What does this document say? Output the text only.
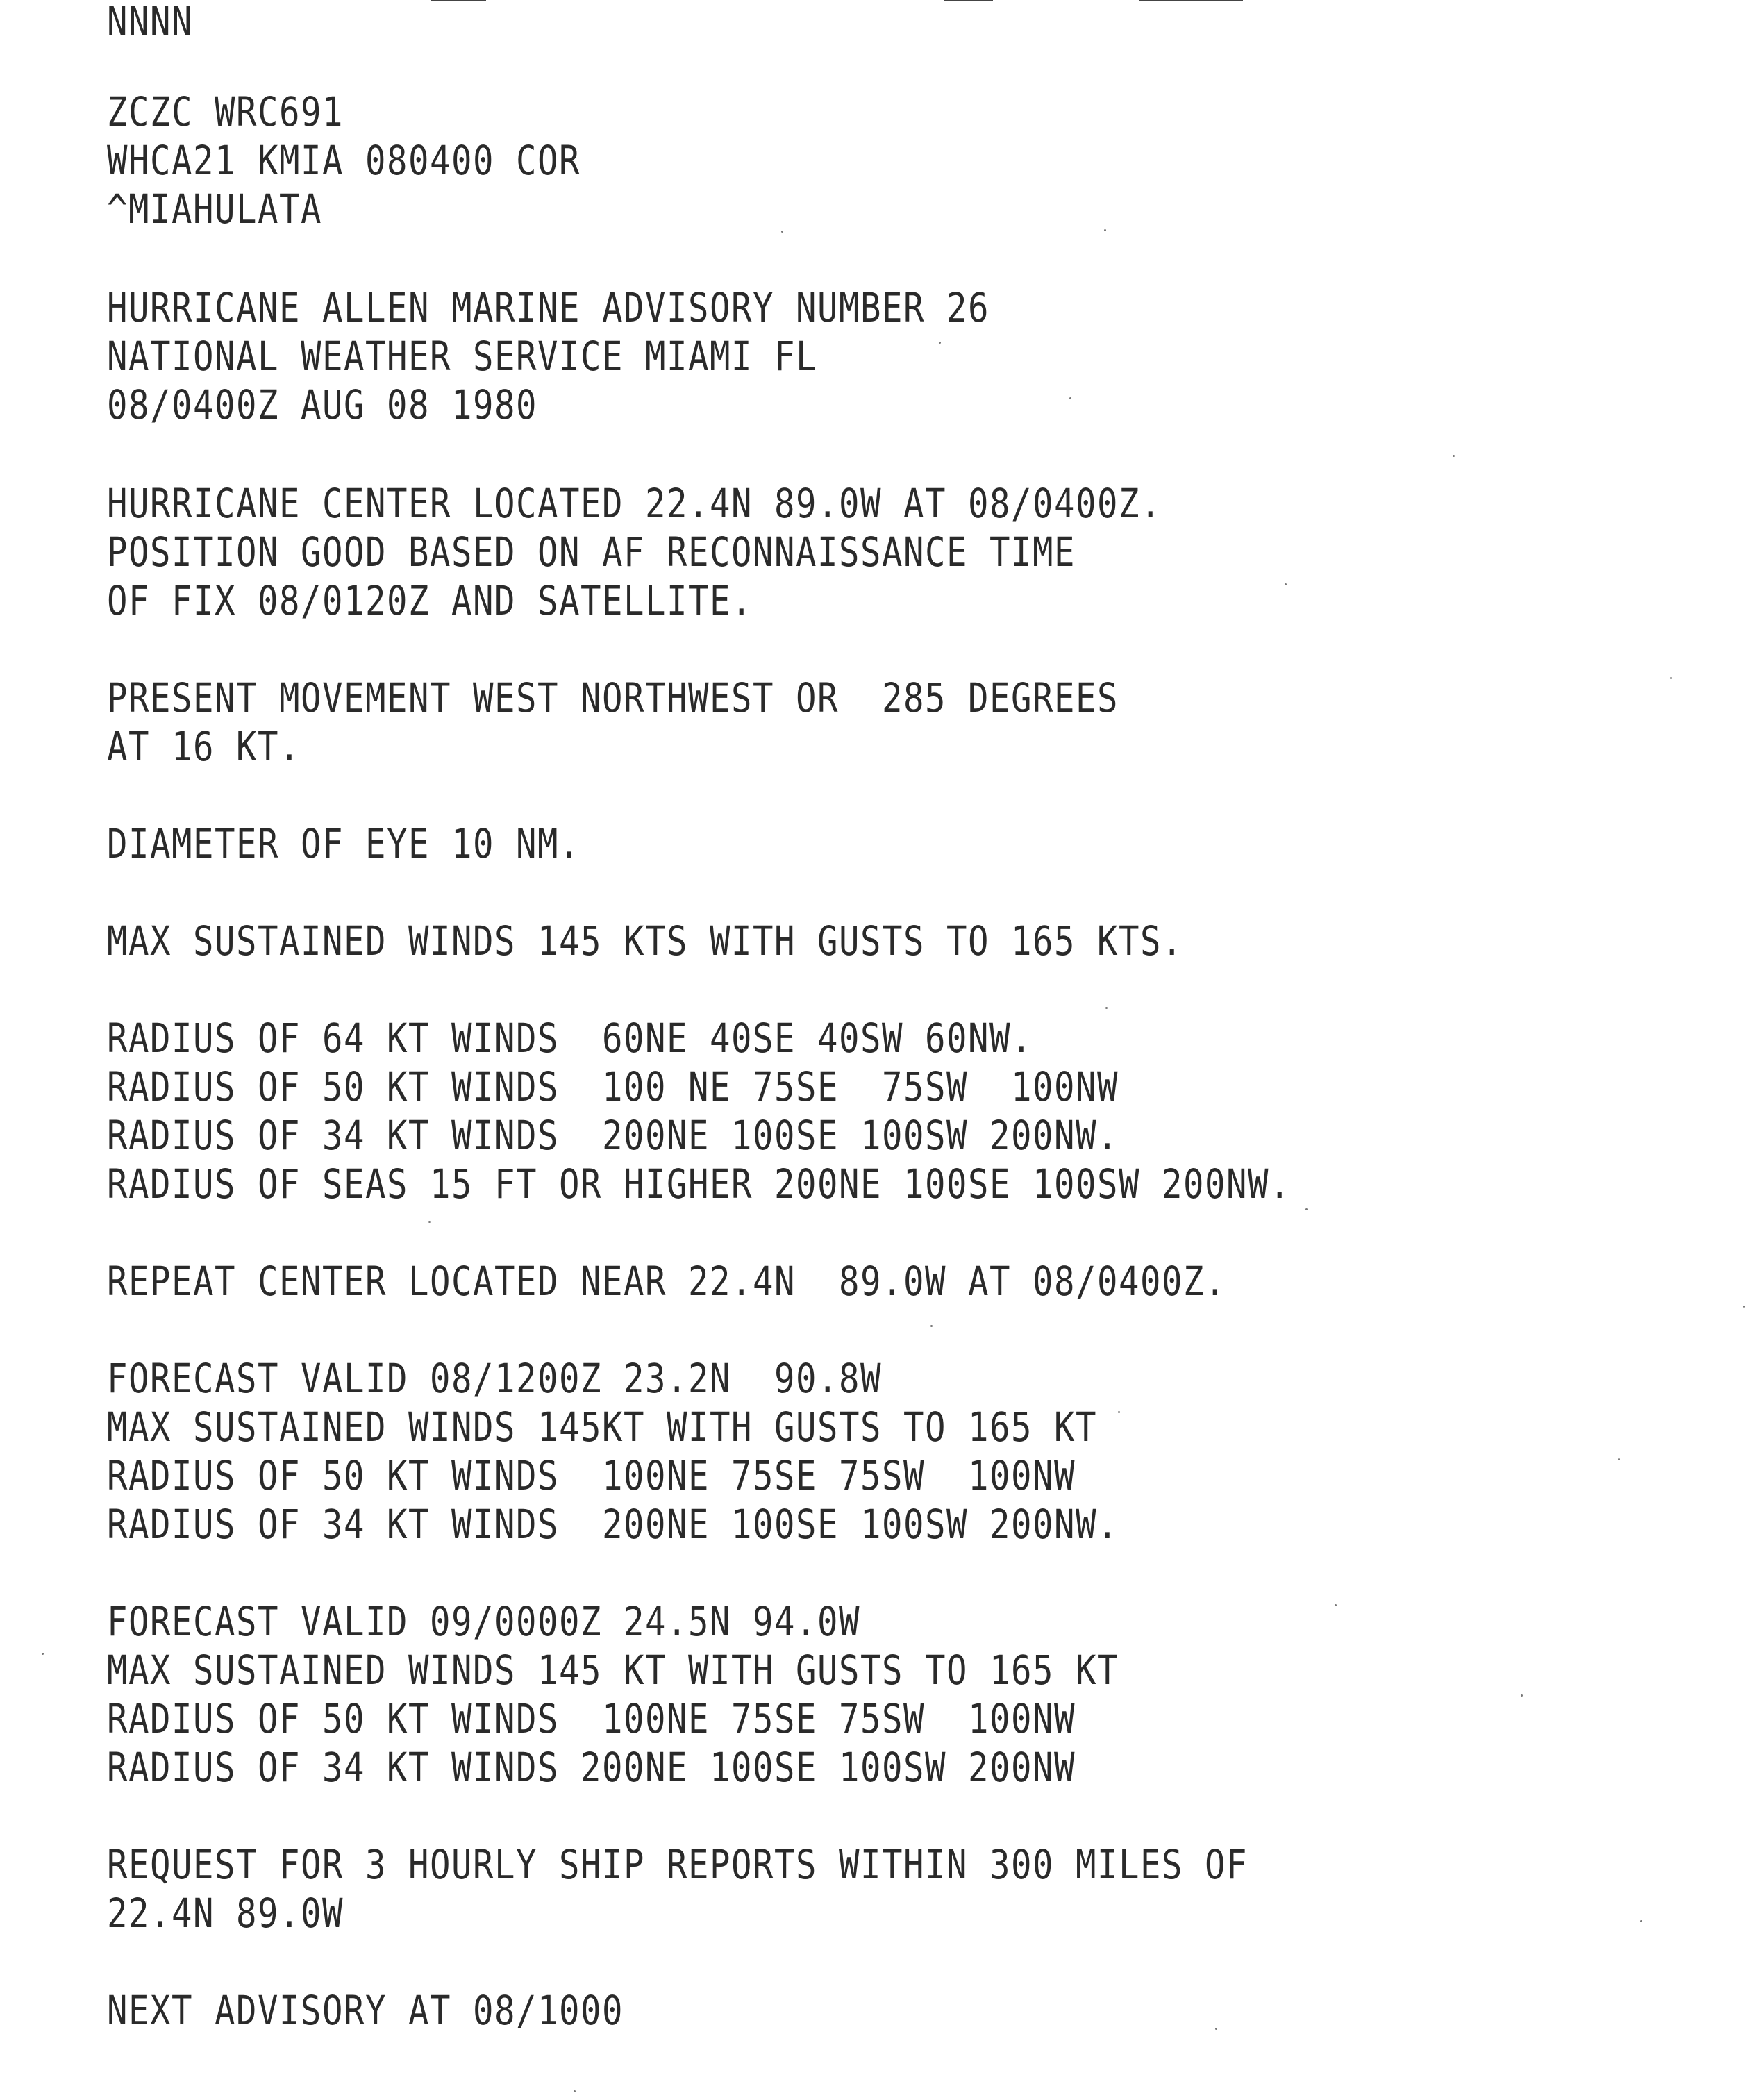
NNNN
ZCZC WRC691
WHCA21 KMIA 080400 COR
^MIAHULATA
HURRICANE ALLEN MARINE ADVISORY NUMBER 26
NATIONAL WEATHER SERVICE MIAMI FL
08/0400Z AUG 08 1980
HURRICANE CENTER LOCATED 22.4N 89.0W AT 08/0400Z.
POSITION GOOD BASED ON AF RECONNAISSANCE TIME
OF FIX 08/0120Z AND SATELLITE.
PRESENT MOVEMENT WEST NORTHWEST OR  285 DEGREES
AT 16 KT.
DIAMETER OF EYE 10 NM.
MAX SUSTAINED WINDS 145 KTS WITH GUSTS TO 165 KTS.
RADIUS OF 64 KT WINDS  60NE 40SE 40SW 60NW.
RADIUS OF 50 KT WINDS  100 NE 75SE  75SW  100NW
RADIUS OF 34 KT WINDS  200NE 100SE 100SW 200NW.
RADIUS OF SEAS 15 FT OR HIGHER 200NE 100SE 100SW 200NW.
REPEAT CENTER LOCATED NEAR 22.4N  89.0W AT 08/0400Z.
FORECAST VALID 08/1200Z 23.2N  90.8W
MAX SUSTAINED WINDS 145KT WITH GUSTS TO 165 KT
RADIUS OF 50 KT WINDS  100NE 75SE 75SW  100NW
RADIUS OF 34 KT WINDS  200NE 100SE 100SW 200NW.
FORECAST VALID 09/0000Z 24.5N 94.0W
MAX SUSTAINED WINDS 145 KT WITH GUSTS TO 165 KT
RADIUS OF 50 KT WINDS  100NE 75SE 75SW  100NW
RADIUS OF 34 KT WINDS 200NE 100SE 100SW 200NW
REQUEST FOR 3 HOURLY SHIP REPORTS WITHIN 300 MILES OF
22.4N 89.0W
NEXT ADVISORY AT 08/1000
